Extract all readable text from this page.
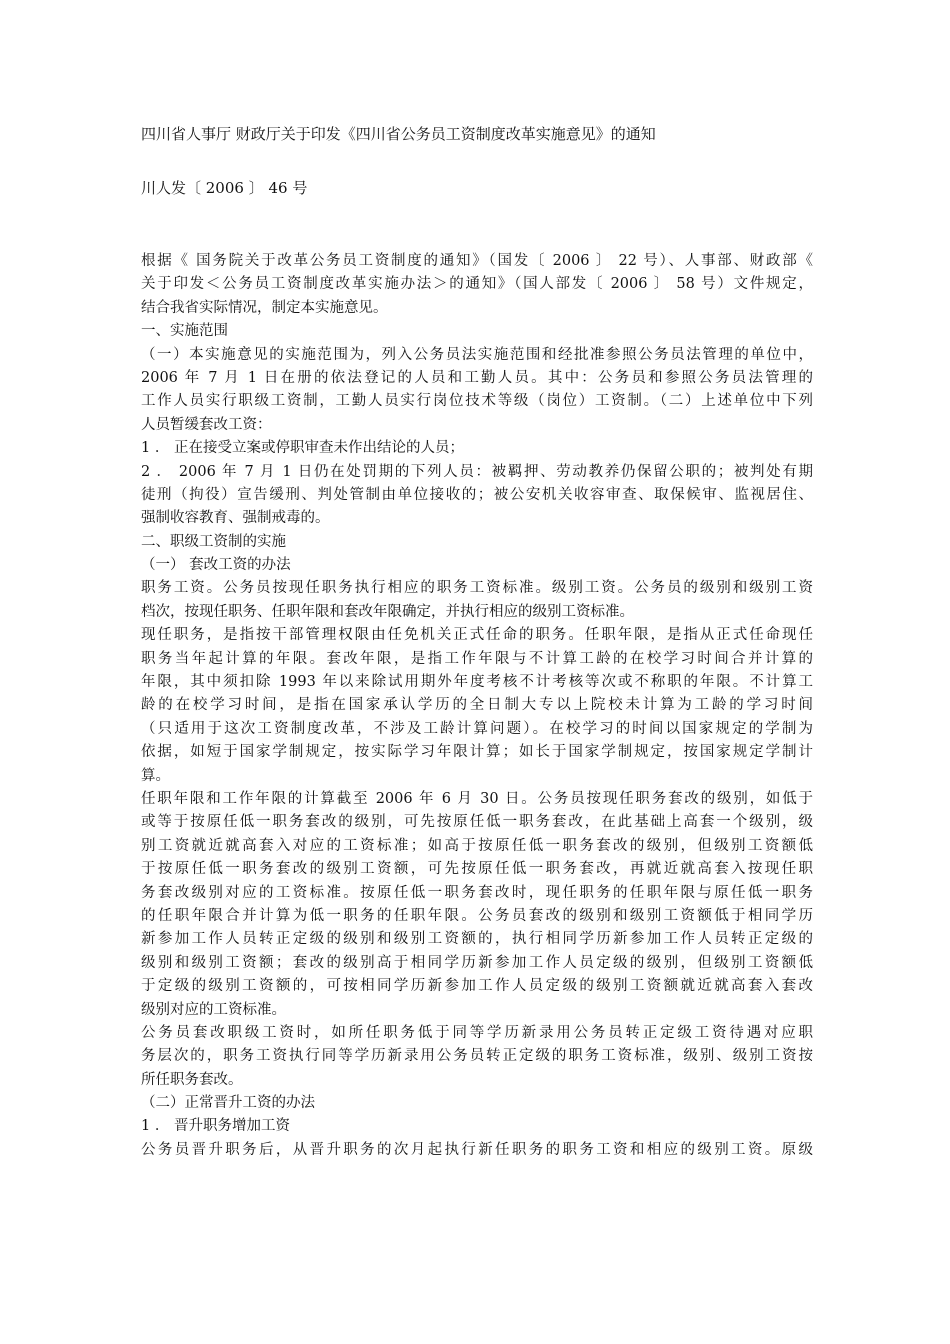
四川省人事厅 财政厅关于印发《四川省公务员工资制度改革实施意见》的通知
川人发〔 2006 〕 46 号
根据《 国务院关于改革公务员工资制度的通知》（国发〔 2006 〕 22 号）、人事部、财政部《
关于印发＜公务员工资制度改革实施办法＞的通知》（国人部发〔 2006 〕 58 号）文件规定，
结合我省实际情况，制定本实施意见。
一、实施范围
（一）本实施意见的实施范围为，列入公务员法实施范围和经批准参照公务员法管理的单位中，
2006 年 7 月 1 日在册的依法登记的人员和工勤人员。其中：公务员和参照公务员法管理的
工作人员实行职级工资制，工勤人员实行岗位技术等级（岗位）工资制。（二）上述单位中下列
人员暂缓套改工资：
1 ． 正在接受立案或停职审查未作出结论的人员；
2 ． 2006 年 7 月 1 日仍在处罚期的下列人员：被羁押、劳动教养仍保留公职的；被判处有期
徒刑（拘役）宣告缓刑、判处管制由单位接收的；被公安机关收容审查、取保候审、监视居住、
强制收容教育、强制戒毒的。
二、职级工资制的实施
（一） 套改工资的办法
职务工资。公务员按现任职务执行相应的职务工资标准。级别工资。公务员的级别和级别工资
档次，按现任职务、任职年限和套改年限确定，并执行相应的级别工资标准。
现任职务，是指按干部管理权限由任免机关正式任命的职务。任职年限，是指从正式任命现任
职务当年起计算的年限。套改年限，是指工作年限与不计算工龄的在校学习时间合并计算的
年限，其中须扣除 1993 年以来除试用期外年度考核不计考核等次或不称职的年限。不计算工
龄的在校学习时间，是指在国家承认学历的全日制大专以上院校未计算为工龄的学习时间
（只适用于这次工资制度改革，不涉及工龄计算问题）。在校学习的时间以国家规定的学制为
依据，如短于国家学制规定，按实际学习年限计算；如长于国家学制规定，按国家规定学制计
算。
任职年限和工作年限的计算截至 2006 年 6 月 30 日。公务员按现任职务套改的级别，如低于
或等于按原任低一职务套改的级别，可先按原任低一职务套改，在此基础上高套一个级别，级
别工资就近就高套入对应的工资标准；如高于按原任低一职务套改的级别，但级别工资额低
于按原任低一职务套改的级别工资额，可先按原任低一职务套改，再就近就高套入按现任职
务套改级别对应的工资标准。按原任低一职务套改时，现任职务的任职年限与原任低一职务
的任职年限合并计算为低一职务的任职年限。公务员套改的级别和级别工资额低于相同学历
新参加工作人员转正定级的级别和级别工资额的，执行相同学历新参加工作人员转正定级的
级别和级别工资额；套改的级别高于相同学历新参加工作人员定级的级别，但级别工资额低
于定级的级别工资额的，可按相同学历新参加工作人员定级的级别工资额就近就高套入套改
级别对应的工资标准。
公务员套改职级工资时，如所任职务低于同等学历新录用公务员转正定级工资待遇对应职
务层次的，职务工资执行同等学历新录用公务员转正定级的职务工资标准，级别、级别工资按
所任职务套改。
（二）正常晋升工资的办法
1 ． 晋升职务增加工资
公务员晋升职务后，从晋升职务的次月起执行新任职务的职务工资和相应的级别工资。原级
